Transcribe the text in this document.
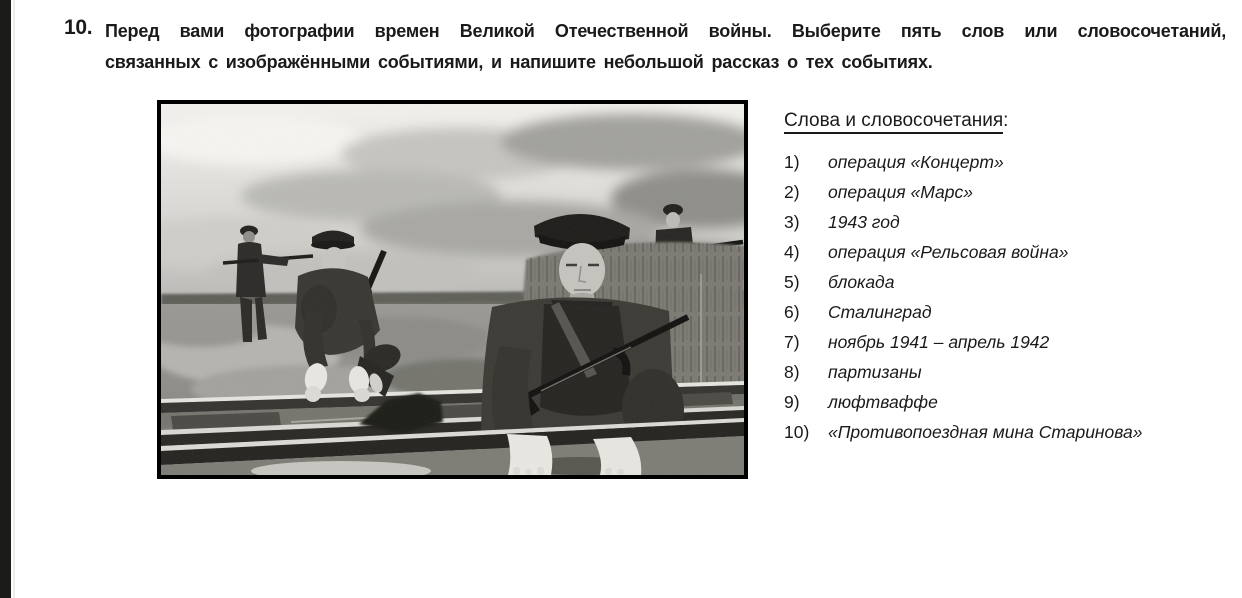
10. Перед вами фотографии времен Великой Отечественной войны. Выберите пять слов или словосочетаний,
связанных с изображёнными событиями, и напишите небольшой рассказ о тех событиях.
Слова и словосочетания:
1)	операция «Концерт»
2)	операция «Марс»
3)	1943 год
4)	операция «Рельсовая война»
5)	блокада
6)	Сталинград
7)	ноябрь 1941 – апрель 1942
8)	партизаны
9)	люфтваффе
10)	«Противопоездная мина Старинова»
